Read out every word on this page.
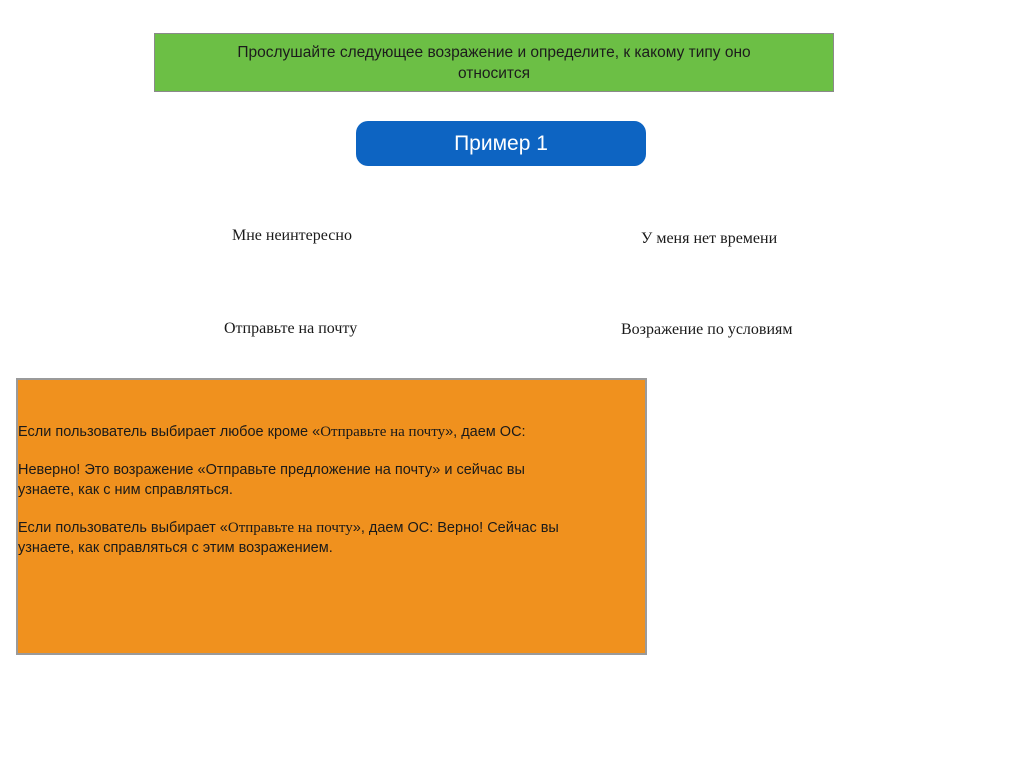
Прослушайте следующее возражение и определите, к какому типу оно
относится
Пример 1
Мне неинтересно	У меня нет времени
Отправьте на почту	Возражение по условиям

Если пользователь выбирает любое кроме «Отправьте на почту», даем ОС:

Неверно! Это возражение «Отправьте предложение на почту» и сейчас вы
узнаете, как с ним справляться.

Если пользователь выбирает «Отправьте на почту», даем ОС: Верно! Сейчас вы
узнаете, как справляться с этим возражением.
